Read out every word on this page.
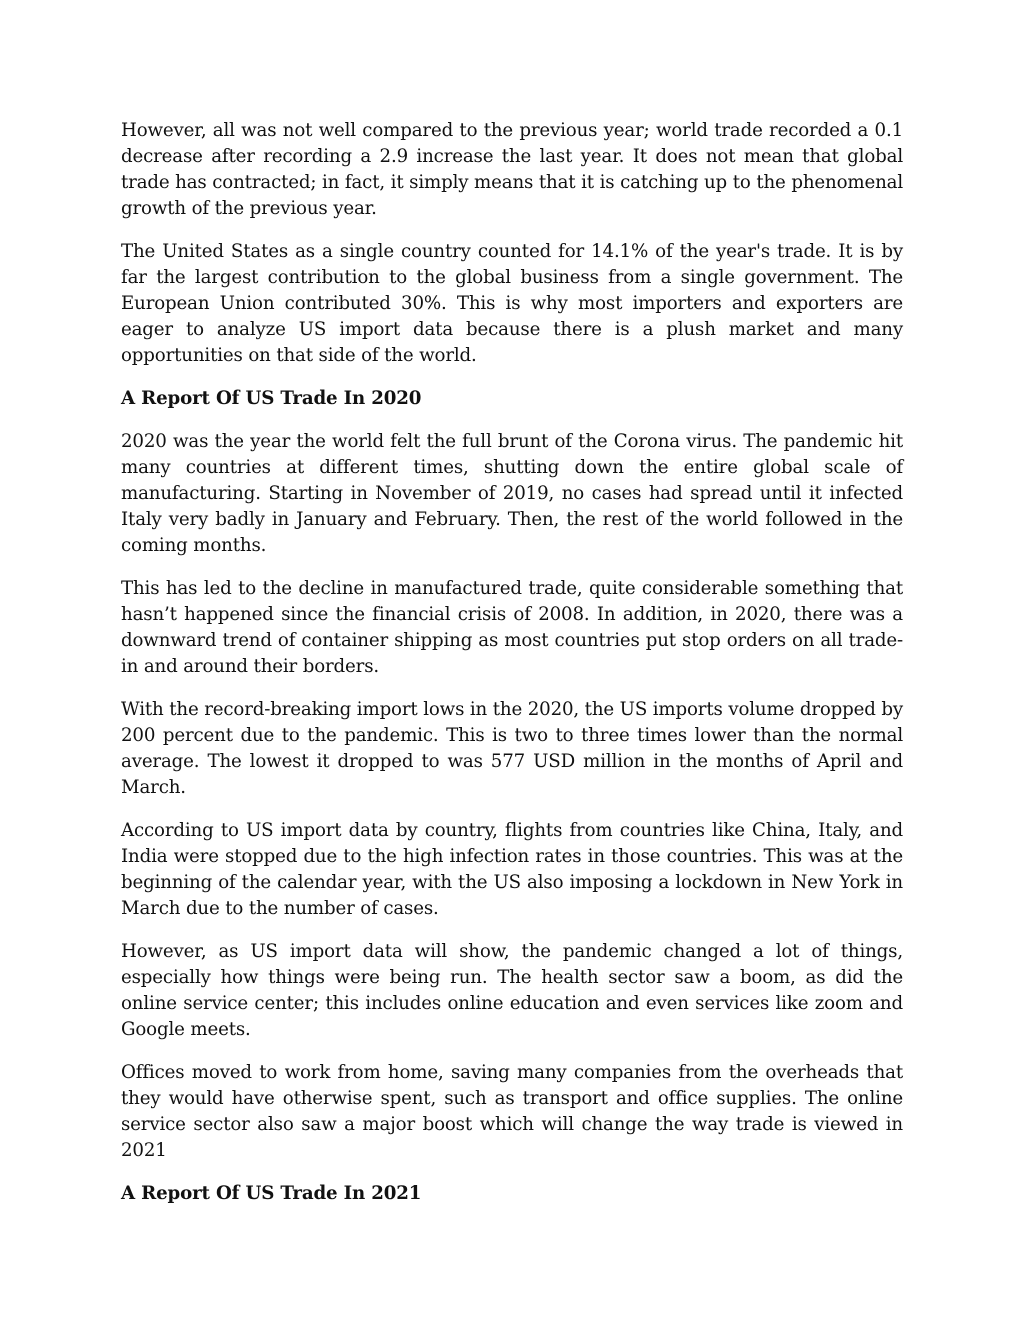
However, all was not well compared to the previous year; world trade recorded a 0.1 decrease after recording a 2.9 increase the last year. It does not mean that global trade has contracted; in fact, it simply means that it is catching up to the phenomenal growth of the previous year.

The United States as a single country counted for 14.1% of the year's trade. It is by far the largest contribution to the global business from a single government. The European Union contributed 30%. This is why most importers and exporters are eager to analyze US import data because there is a plush market and many opportunities on that side of the world.

A Report Of US Trade In 2020

2020 was the year the world felt the full brunt of the Corona virus. The pandemic hit many countries at different times, shutting down the entire global scale of manufacturing. Starting in November of 2019, no cases had spread until it infected Italy very badly in January and February. Then, the rest of the world followed in the coming months.

This has led to the decline in manufactured trade, quite considerable something that hasn’t happened since the financial crisis of 2008. In addition, in 2020, there was a downward trend of container shipping as most countries put stop orders on all trade-in and around their borders.

With the record-breaking import lows in the 2020, the US imports volume dropped by 200 percent due to the pandemic. This is two to three times lower than the normal average. The lowest it dropped to was 577 USD million in the months of April and March.

According to US import data by country, flights from countries like China, Italy, and India were stopped due to the high infection rates in those countries. This was at the beginning of the calendar year, with the US also imposing a lockdown in New York in March due to the number of cases.

However, as US import data will show, the pandemic changed a lot of things, especially how things were being run. The health sector saw a boom, as did the online service center; this includes online education and even services like zoom and Google meets.

Offices moved to work from home, saving many companies from the overheads that they would have otherwise spent, such as transport and office supplies. The online service sector also saw a major boost which will change the way trade is viewed in 2021

A Report Of US Trade In 2021
